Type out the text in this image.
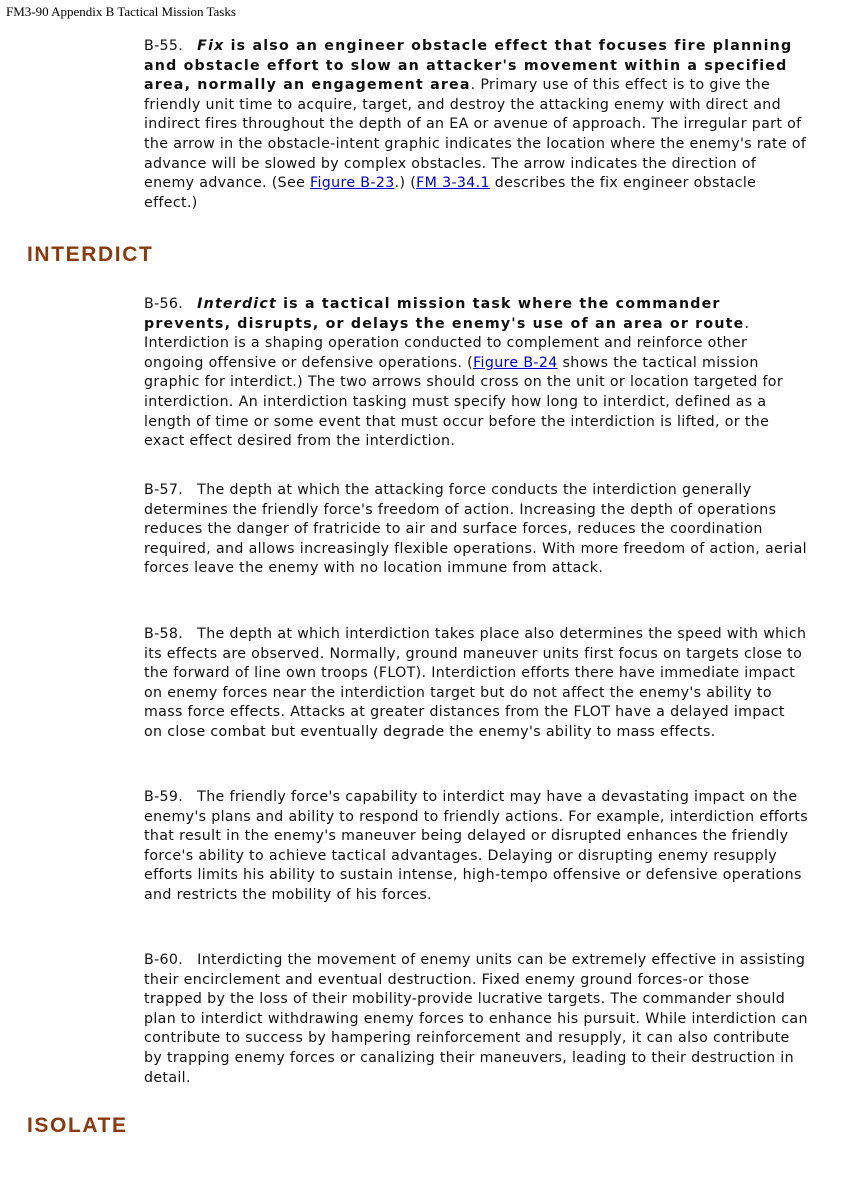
FM3-90 Appendix B Tactical Mission Tasks
B-55. Fix is also an engineer obstacle effect that focuses fire planning and obstacle effort to slow an attacker's movement within a specified area, normally an engagement area. Primary use of this effect is to give the friendly unit time to acquire, target, and destroy the attacking enemy with direct and indirect fires throughout the depth of an EA or avenue of approach. The irregular part of the arrow in the obstacle-intent graphic indicates the location where the enemy's rate of advance will be slowed by complex obstacles. The arrow indicates the direction of enemy advance. (See Figure B-23.) (FM 3-34.1 describes the fix engineer obstacle effect.)
INTERDICT
B-56. Interdict is a tactical mission task where the commander prevents, disrupts, or delays the enemy's use of an area or route. Interdiction is a shaping operation conducted to complement and reinforce other ongoing offensive or defensive operations. (Figure B-24 shows the tactical mission graphic for interdict.) The two arrows should cross on the unit or location targeted for interdiction. An interdiction tasking must specify how long to interdict, defined as a length of time or some event that must occur before the interdiction is lifted, or the exact effect desired from the interdiction.
B-57. The depth at which the attacking force conducts the interdiction generally determines the friendly force's freedom of action. Increasing the depth of operations reduces the danger of fratricide to air and surface forces, reduces the coordination required, and allows increasingly flexible operations. With more freedom of action, aerial forces leave the enemy with no location immune from attack.
B-58. The depth at which interdiction takes place also determines the speed with which its effects are observed. Normally, ground maneuver units first focus on targets close to the forward of line own troops (FLOT). Interdiction efforts there have immediate impact on enemy forces near the interdiction target but do not affect the enemy's ability to mass force effects. Attacks at greater distances from the FLOT have a delayed impact on close combat but eventually degrade the enemy's ability to mass effects.
B-59. The friendly force's capability to interdict may have a devastating impact on the enemy's plans and ability to respond to friendly actions. For example, interdiction efforts that result in the enemy's maneuver being delayed or disrupted enhances the friendly force's ability to achieve tactical advantages. Delaying or disrupting enemy resupply efforts limits his ability to sustain intense, high-tempo offensive or defensive operations and restricts the mobility of his forces.
B-60. Interdicting the movement of enemy units can be extremely effective in assisting their encirclement and eventual destruction. Fixed enemy ground forces-or those trapped by the loss of their mobility-provide lucrative targets. The commander should plan to interdict withdrawing enemy forces to enhance his pursuit. While interdiction can contribute to success by hampering reinforcement and resupply, it can also contribute by trapping enemy forces or canalizing their maneuvers, leading to their destruction in detail.
ISOLATE
